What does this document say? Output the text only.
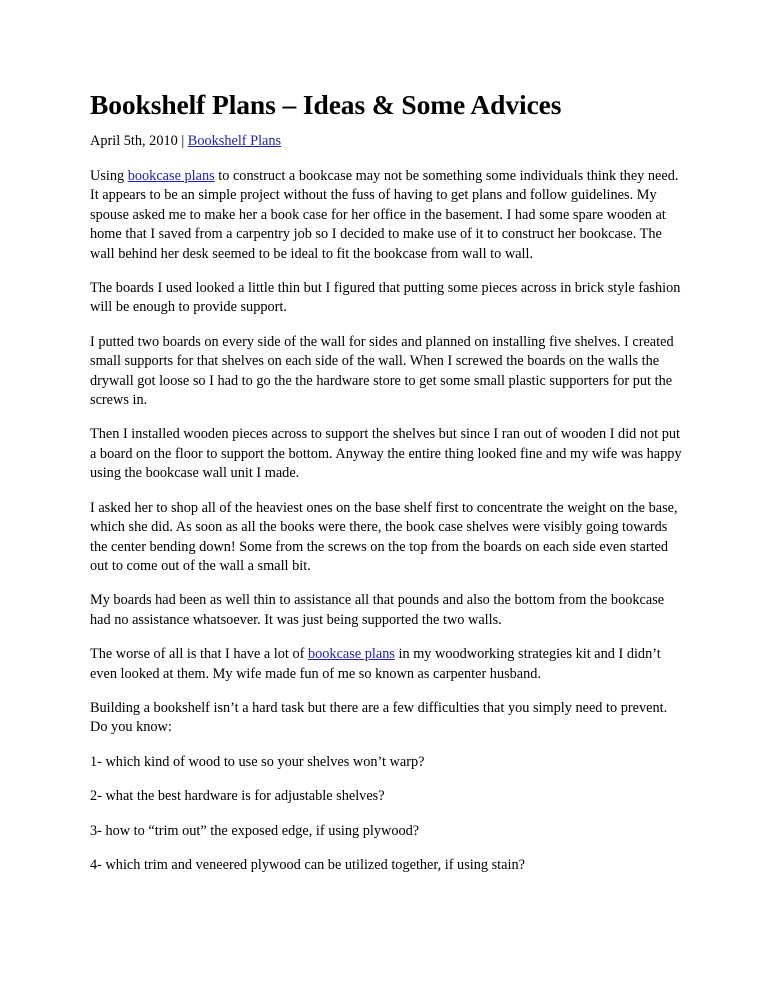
Bookshelf Plans – Ideas & Some Advices

April 5th, 2010 | Bookshelf Plans

Using bookcase plans to construct a bookcase may not be something some individuals think they need. It appears to be an simple project without the fuss of having to get plans and follow guidelines. My spouse asked me to make her a book case for her office in the basement. I had some spare wooden at home that I saved from a carpentry job so I decided to make use of it to construct her bookcase. The wall behind her desk seemed to be ideal to fit the bookcase from wall to wall.

The boards I used looked a little thin but I figured that putting some pieces across in brick style fashion will be enough to provide support.

I putted two boards on every side of the wall for sides and planned on installing five shelves. I created small supports for that shelves on each side of the wall. When I screwed the boards on the walls the drywall got loose so I had to go the the hardware store to get some small plastic supporters for put the screws in.

Then I installed wooden pieces across to support the shelves but since I ran out of wooden I did not put a board on the floor to support the bottom. Anyway the entire thing looked fine and my wife was happy using the bookcase wall unit I made.

I asked her to shop all of the heaviest ones on the base shelf first to concentrate the weight on the base, which she did. As soon as all the books were there, the book case shelves were visibly going towards the center bending down! Some from the screws on the top from the boards on each side even started out to come out of the wall a small bit.

My boards had been as well thin to assistance all that pounds and also the bottom from the bookcase had no assistance whatsoever. It was just being supported the two walls.

The worse of all is that I have a lot of bookcase plans in my woodworking strategies kit and I didn’t even looked at them. My wife made fun of me so known as carpenter husband.

Building a bookshelf isn’t a hard task but there are a few difficulties that you simply need to prevent. Do you know:

1- which kind of wood to use so your shelves won’t warp?

2- what the best hardware is for adjustable shelves?

3- how to “trim out” the exposed edge, if using plywood?

4- which trim and veneered plywood can be utilized together, if using stain?
